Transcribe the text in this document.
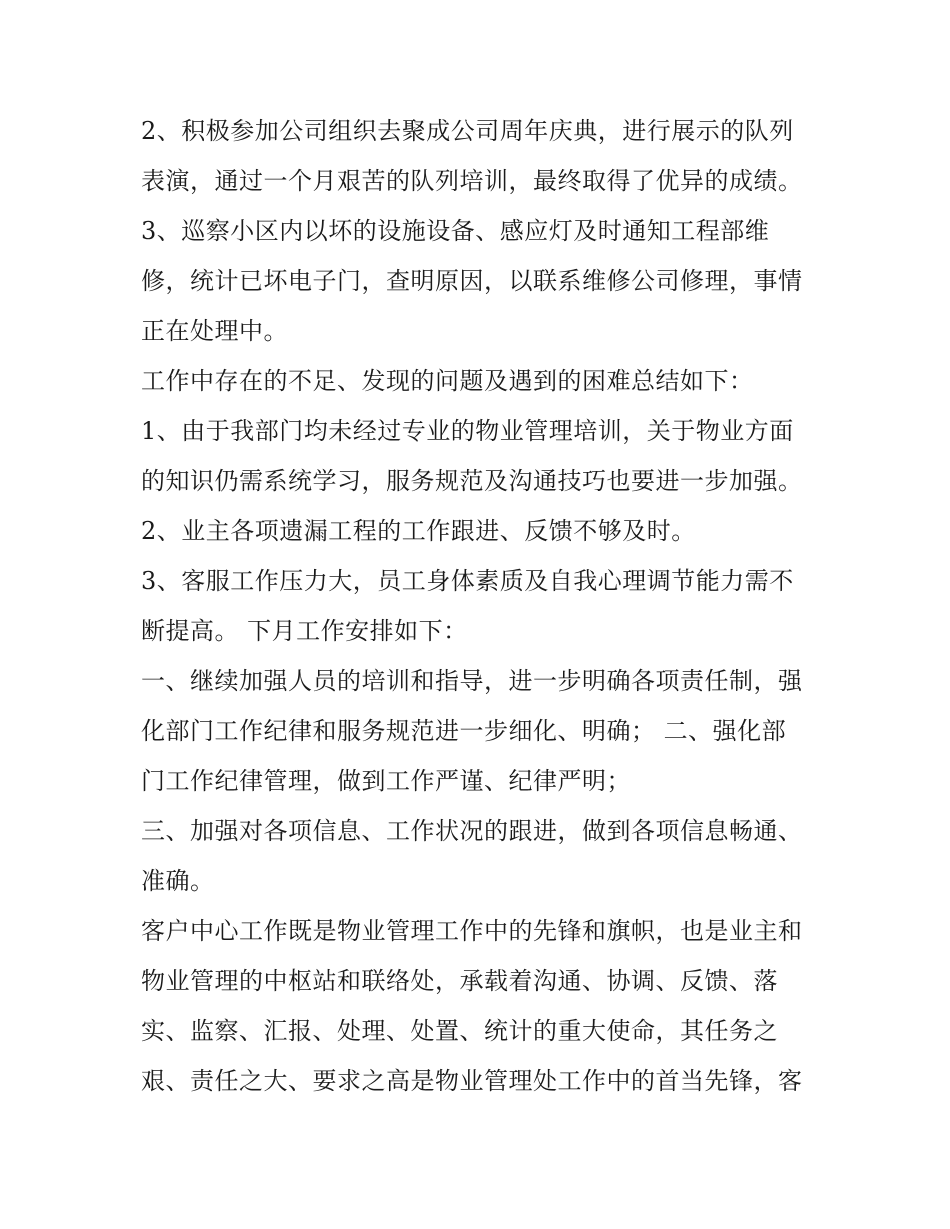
2、积极参加公司组织去聚成公司周年庆典，进行展示的队列
表演，通过一个月艰苦的队列培训，最终取得了优异的成绩。
3、巡察小区内以坏的设施设备、感应灯及时通知工程部维
修，统计已坏电子门，查明原因，以联系维修公司修理，事情
正在处理中。
工作中存在的不足、发现的问题及遇到的困难总结如下：
1、由于我部门均未经过专业的物业管理培训，关于物业方面
的知识仍需系统学习，服务规范及沟通技巧也要进一步加强。
2、业主各项遗漏工程的工作跟进、反馈不够及时。
3、客服工作压力大，员工身体素质及自我心理调节能力需不
断提高。 下月工作安排如下：
一、继续加强人员的培训和指导，进一步明确各项责任制，强
化部门工作纪律和服务规范进一步细化、明确； 二、强化部
门工作纪律管理，做到工作严谨、纪律严明；
三、加强对各项信息、工作状况的跟进，做到各项信息畅通、
准确。
客户中心工作既是物业管理工作中的先锋和旗帜，也是业主和
物业管理的中枢站和联络处，承载着沟通、协调、反馈、落
实、监察、汇报、处理、处置、统计的重大使命，其任务之
艰、责任之大、要求之高是物业管理处工作中的首当先锋，客
